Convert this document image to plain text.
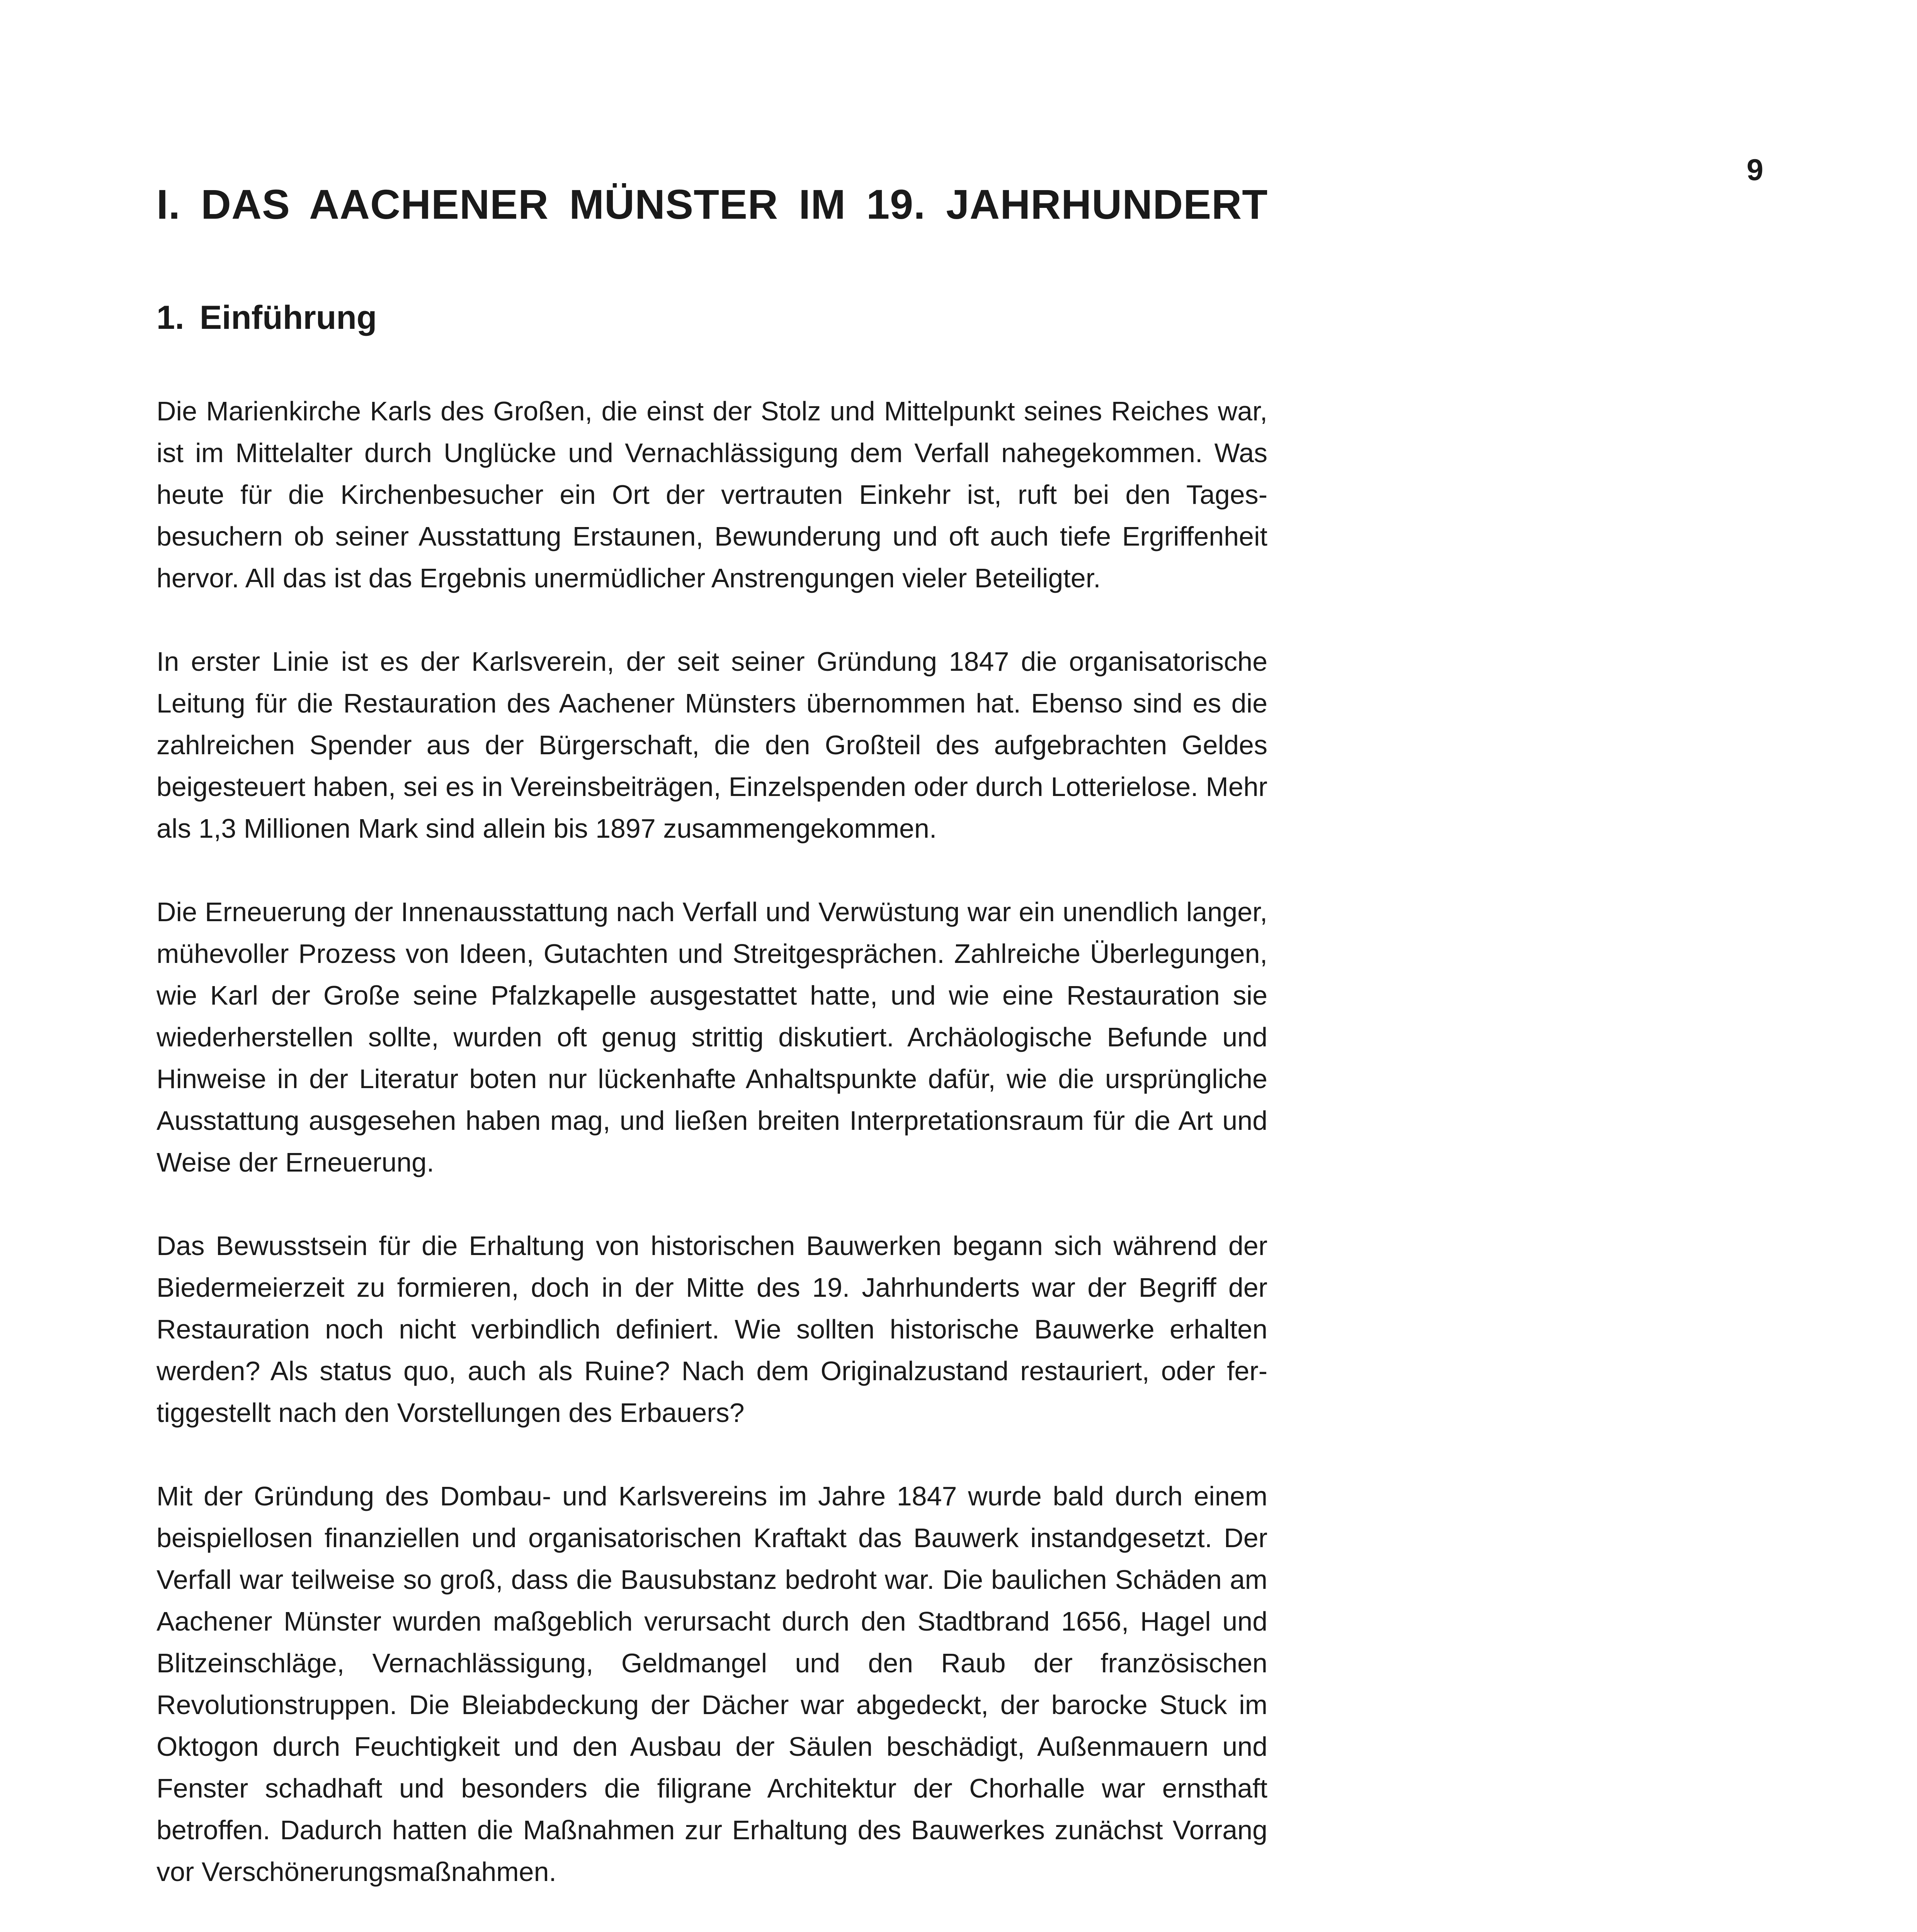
9
I. DAS AACHENER MÜNSTER IM 19. JAHRHUNDERT
1. Einführung

Die Marienkirche Karls des Großen, die einst der Stolz und Mittelpunkt seines Reiches war, ist im Mittelalter durch Unglücke und Vernachlässigung dem Verfall nahegekommen. Was heute für die Kirchenbesucher ein Ort der vertrauten Einkehr ist, ruft bei den Tagesbesuchern ob seiner Ausstattung Erstaunen, Bewunderung und oft auch tiefe Ergriffenheit hervor. All das ist das Ergebnis unermüdlicher Anstrengungen vieler Beteiligter.

In erster Linie ist es der Karlsverein, der seit seiner Gründung 1847 die organisatorische Leitung für die Restauration des Aachener Münsters übernommen hat. Ebenso sind es die zahlreichen Spender aus der Bürgerschaft, die den Großteil des aufgebrachten Geldes beigesteuert haben, sei es in Vereinsbeiträgen, Einzelspenden oder durch Lotterielose. Mehr als 1,3 Millionen Mark sind allein bis 1897 zusammengekommen.

Die Erneuerung der Innenausstattung nach Verfall und Verwüstung war ein unendlich langer, mühevoller Prozess von Ideen, Gutachten und Streitgesprächen. Zahlreiche Überlegungen, wie Karl der Große seine Pfalzkapelle ausgestattet hatte, und wie eine Restauration sie wiederherstellen sollte, wurden oft genug strittig diskutiert. Archäologische Befunde und Hinweise in der Literatur boten nur lückenhafte Anhaltspunkte dafür, wie die ursprüngliche Ausstattung ausgesehen haben mag, und ließen breiten Interpretationsraum für die Art und Weise der Erneuerung.

Das Bewusstsein für die Erhaltung von historischen Bauwerken begann sich während der Biedermeierzeit zu formieren, doch in der Mitte des 19. Jahrhunderts war der Begriff der Restauration noch nicht verbindlich definiert. Wie sollten historische Bauwerke erhalten werden? Als status quo, auch als Ruine? Nach dem Originalzustand restauriert, oder fertiggestellt nach den Vorstellungen des Erbauers?

Mit der Gründung des Dombau- und Karlsvereins im Jahre 1847 wurde bald durch einem beispiellosen finanziellen und organisatorischen Kraftakt das Bauwerk instandgesetzt. Der Verfall war teilweise so groß, dass die Bausubstanz bedroht war. Die baulichen Schäden am Aachener Münster wurden maßgeblich verursacht durch den Stadtbrand 1656, Hagel und Blitzeinschläge, Vernachlässigung, Geldmangel und den Raub der französischen Revolutionstruppen. Die Bleiabdeckung der Dächer war abgedeckt, der barocke Stuck im Oktogon durch Feuchtigkeit und den Ausbau der Säulen beschädigt, Außenmauern und Fenster schadhaft und besonders die filigrane Architektur der Chorhalle war ernsthaft betroffen. Dadurch hatten die Maßnahmen zur Erhaltung des Bauwerkes zunächst Vorrang vor Verschönerungsmaßnahmen.
